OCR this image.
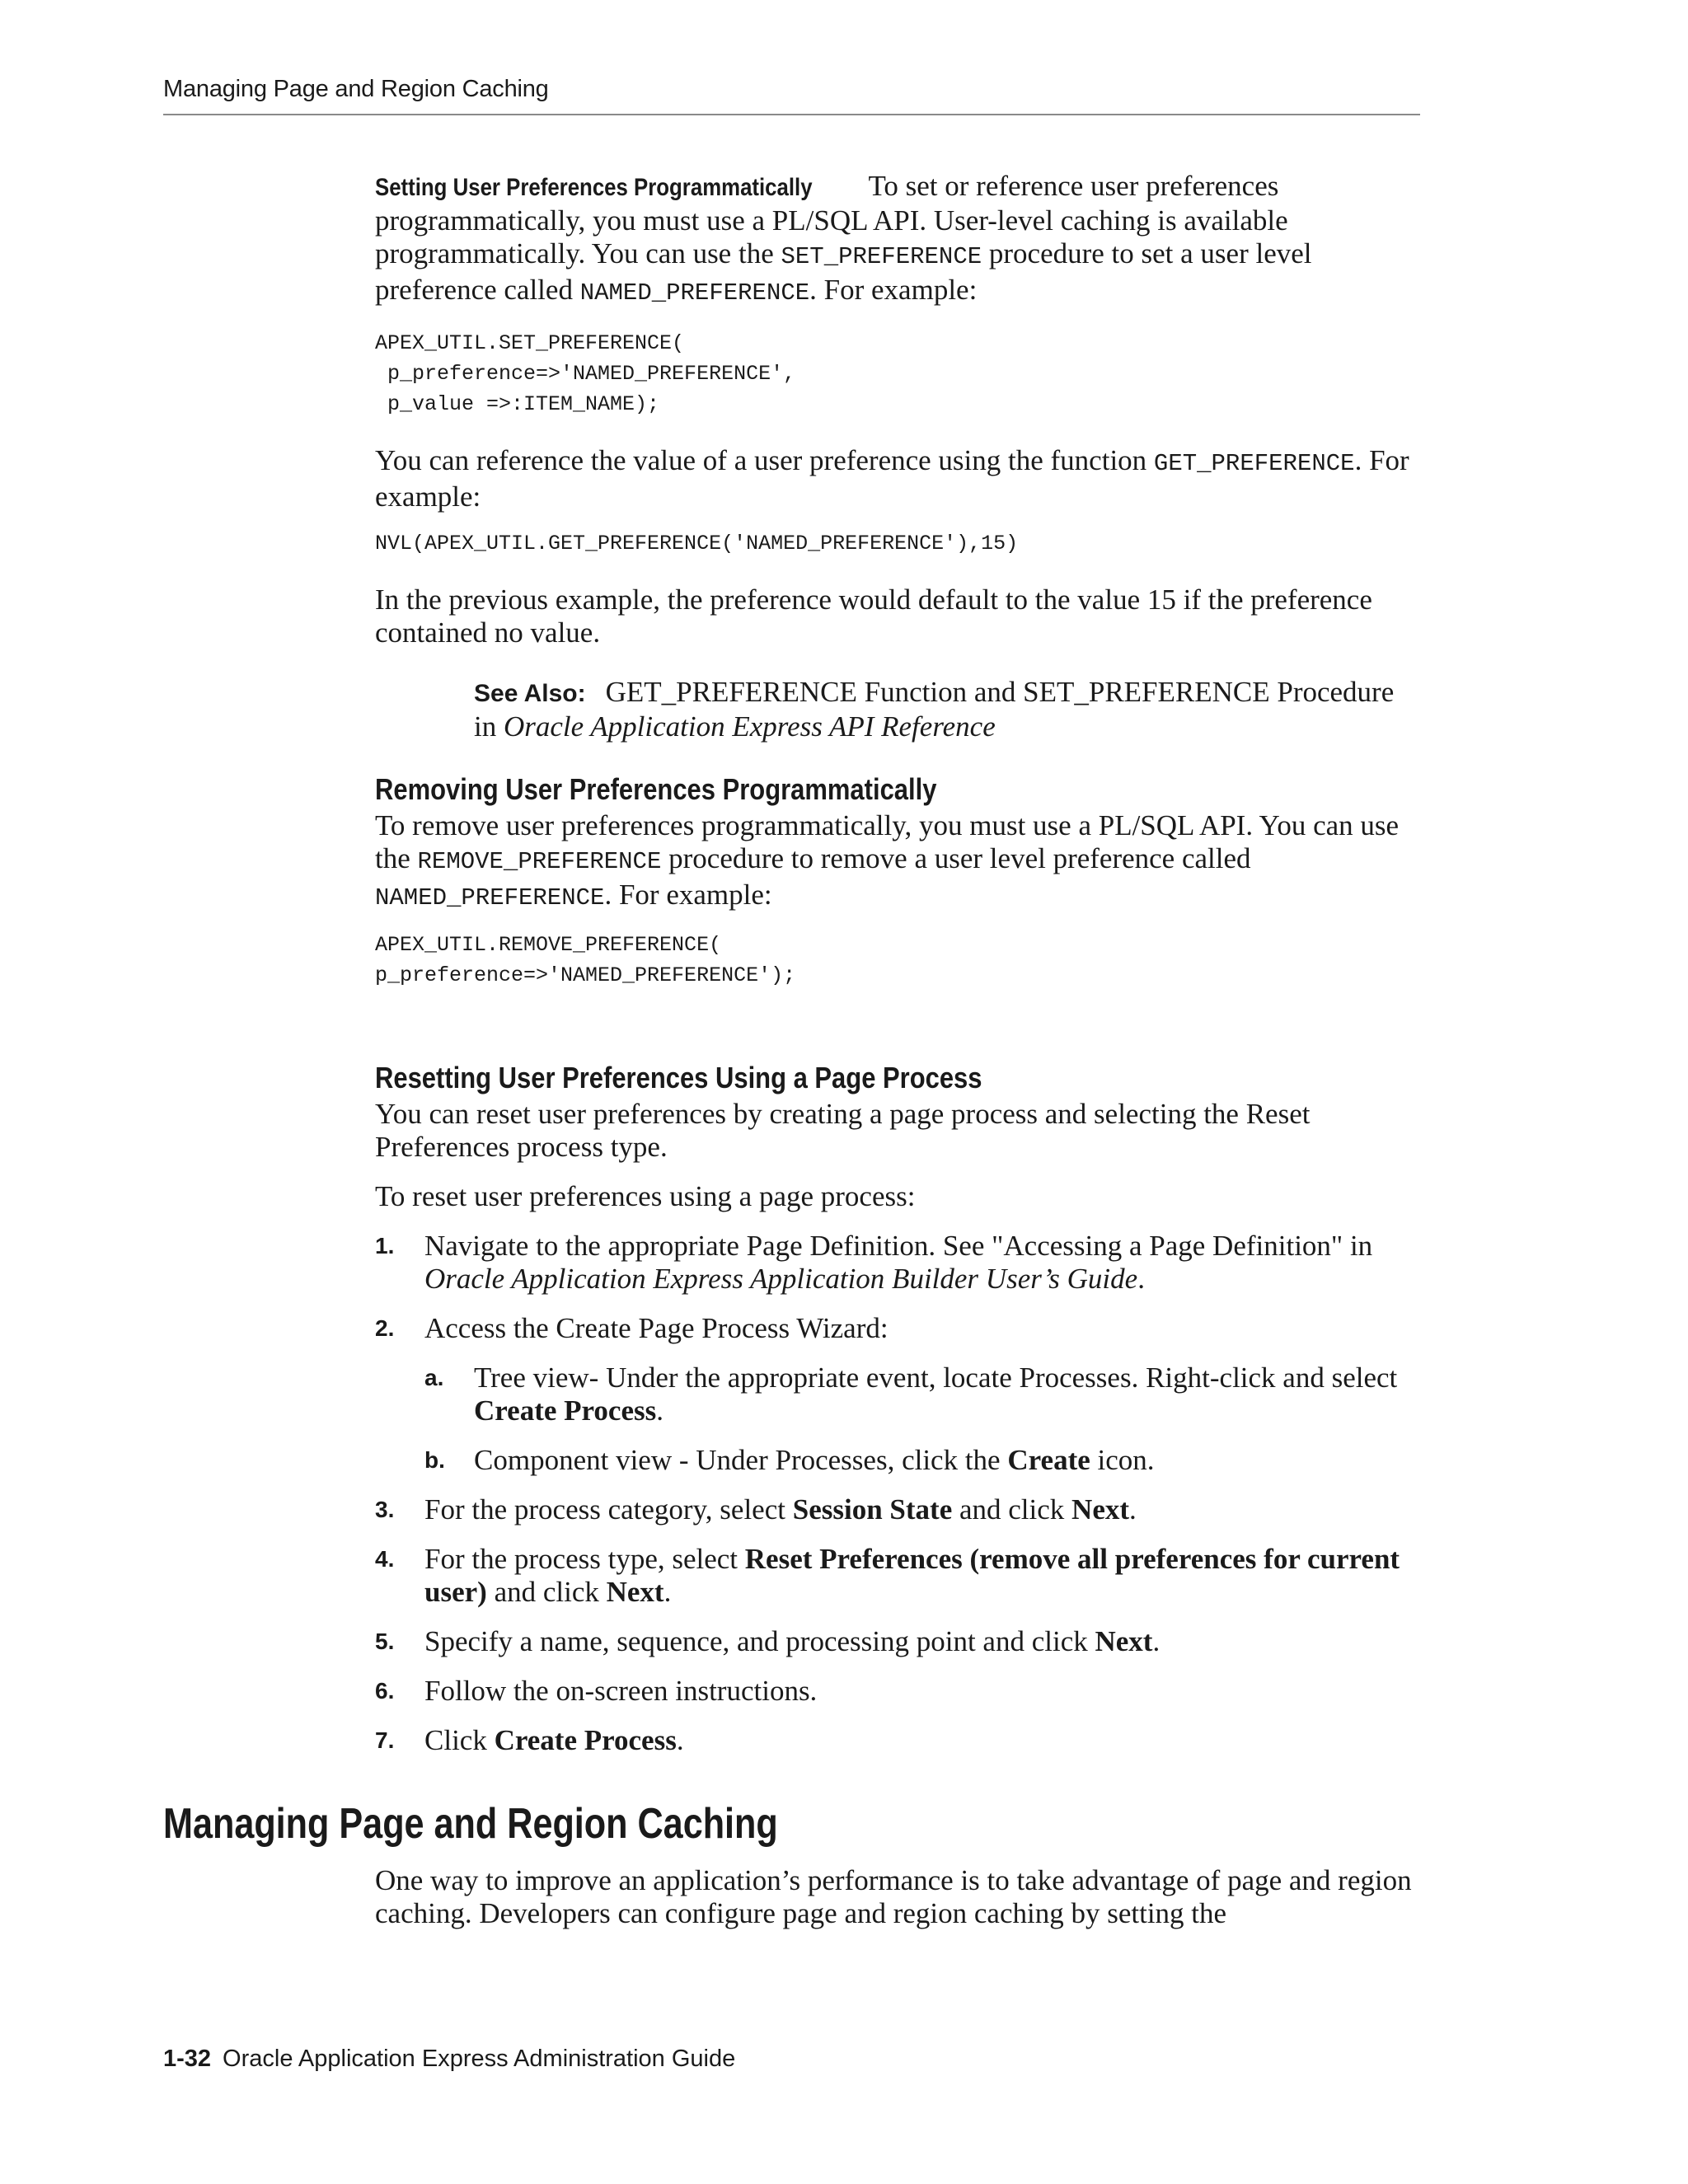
Managing Page and Region Caching

Setting User Preferences Programmatically To set or reference user preferences programmatically, you must use a PL/SQL API. User-level caching is available programmatically. You can use the SET_PREFERENCE procedure to set a user level preference called NAMED_PREFERENCE. For example:

APEX_UTIL.SET_PREFERENCE(
p_preference=>'NAMED_PREFERENCE',
p_value =>:ITEM_NAME);

You can reference the value of a user preference using the function GET_PREFERENCE. For example:

NVL(APEX_UTIL.GET_PREFERENCE('NAMED_PREFERENCE'),15)

In the previous example, the preference would default to the value 15 if the preference contained no value.

See Also: GET_PREFERENCE Function and SET_PREFERENCE Procedure in Oracle Application Express API Reference

Removing User Preferences Programmatically

To remove user preferences programmatically, you must use a PL/SQL API. You can use the REMOVE_PREFERENCE procedure to remove a user level preference called NAMED_PREFERENCE. For example:

APEX_UTIL.REMOVE_PREFERENCE(
p_preference=>'NAMED_PREFERENCE');
Resetting User Preferences Using a Page Process

You can reset user preferences by creating a page process and selecting the Reset Preferences process type.

To reset user preferences using a page process:

1. Navigate to the appropriate Page Definition. See "Accessing a Page Definition" in Oracle Application Express Application Builder User’s Guide.

2. Access the Create Page Process Wizard:

a. Tree view- Under the appropriate event, locate Processes. Right-click and select Create Process.

b. Component view - Under Processes, click the Create icon.

3. For the process category, select Session State and click Next.

4. For the process type, select Reset Preferences (remove all preferences for current user) and click Next.

5. Specify a name, sequence, and processing point and click Next.

6. Follow the on-screen instructions.

7. Click Create Process.

Managing Page and Region Caching

One way to improve an application’s performance is to take advantage of page and region caching. Developers can configure page and region caching by setting the

1-32 Oracle Application Express Administration Guide
